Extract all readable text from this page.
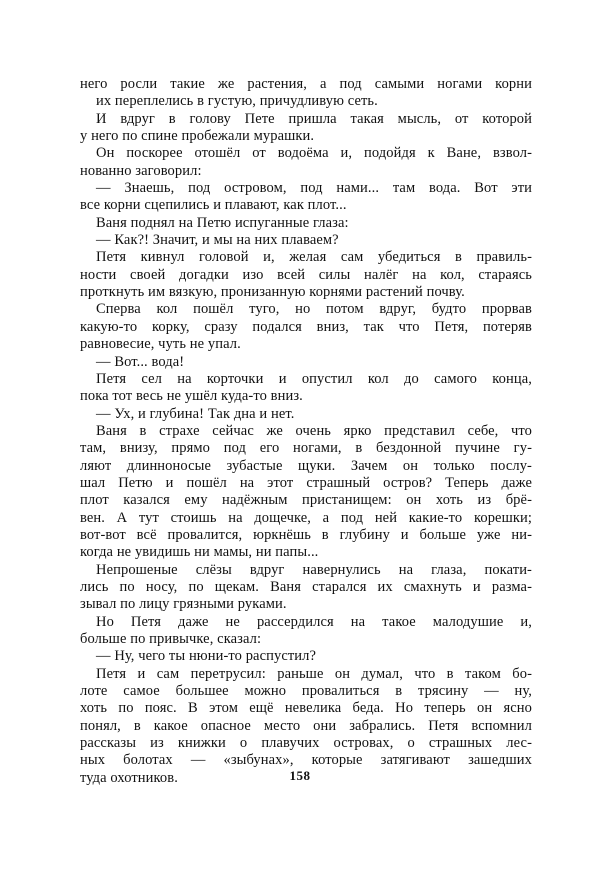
него росли такие же растения, а под самыми ногами корни
их переплелись в густую, причудливую сеть.
И вдруг в голову Пете пришла такая мысль, от которой
у него по спине пробежали мурашки.
Он поскорее отошёл от водоёма и, подойдя к Ване, взвол-
нованно заговорил:
— Знаешь, под островом, под нами... там вода. Вот эти
все корни сцепились и плавают, как плот...
Ваня поднял на Петю испуганные глаза:
— Как?! Значит, и мы на них плаваем?
Петя кивнул головой и, желая сам убедиться в правиль-
ности своей догадки изо всей силы налёг на кол, стараясь
проткнуть им вязкую, пронизанную корнями растений почву.
Сперва кол пошёл туго, но потом вдруг, будто прорвав
какую-то корку, сразу подался вниз, так что Петя, потеряв
равновесие, чуть не упал.
— Вот... вода!
Петя сел на корточки и опустил кол до самого конца,
пока тот весь не ушёл куда-то вниз.
— Ух, и глубина! Так дна и нет.
Ваня в страхе сейчас же очень ярко представил себе, что
там, внизу, прямо под его ногами, в бездонной пучине гу-
ляют длинноносые зубастые щуки. Зачем он только послу-
шал Петю и пошёл на этот страшный остров? Теперь даже
плот казался ему надёжным пристанищем: он хоть из брё-
вен. А тут стоишь на дощечке, а под ней какие-то корешки;
вот-вот всё провалится, юркнёшь в глубину и больше уже ни-
когда не увидишь ни мамы, ни папы...
Непрошеные слёзы вдруг навернулись на глаза, покати-
лись по носу, по щекам. Ваня старался их смахнуть и разма-
зывал по лицу грязными руками.
Но Петя даже не рассердился на такое малодушие и,
больше по привычке, сказал:
— Ну, чего ты нюни-то распустил?
Петя и сам перетрусил: раньше он думал, что в таком бо-
лоте самое большее можно провалиться в трясину — ну,
хоть по пояс. В этом ещё невелика беда. Но теперь он ясно
понял, в какое опасное место они забрались. Петя вспомнил
рассказы из книжки о плавучих островах, о страшных лес-
ных болотах — «зыбунах», которые затягивают зашедших
туда охотников.	158
